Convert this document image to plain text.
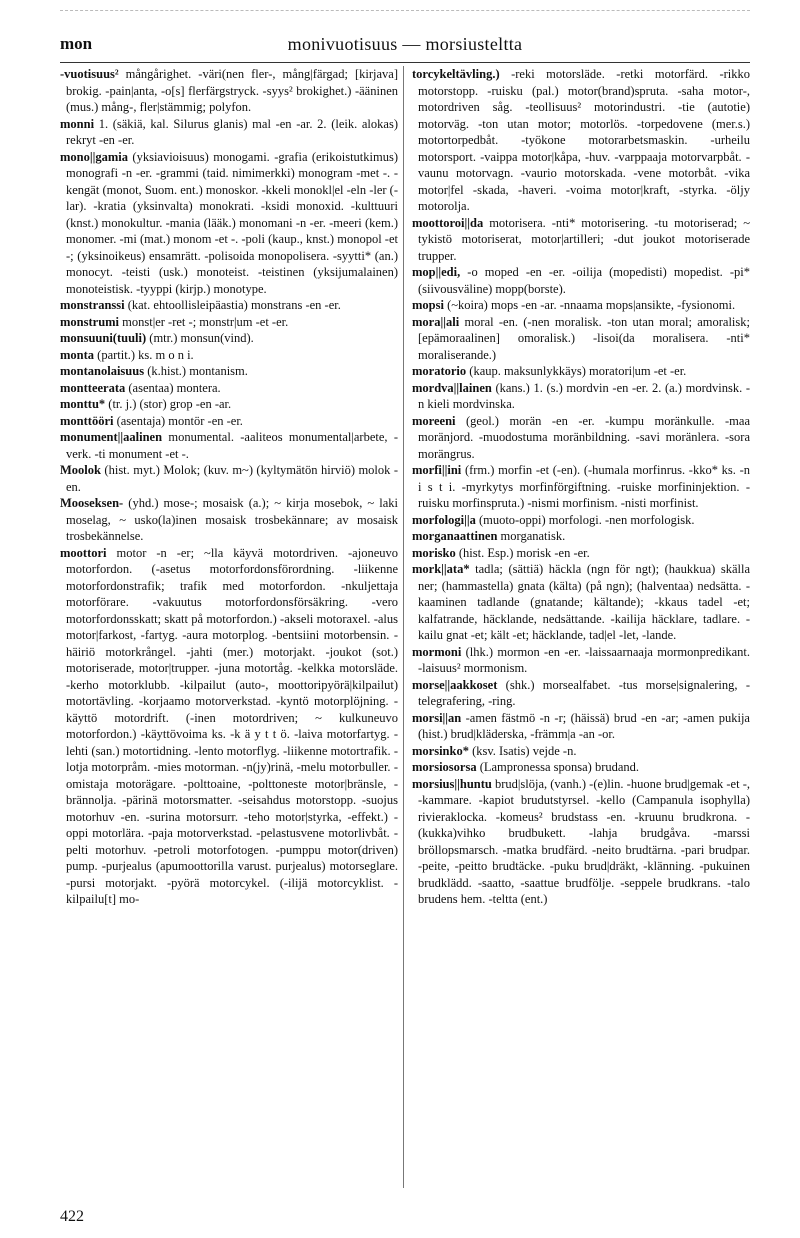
monivuotisuus — morsiusteltta
mon

-vuotisuus² mångårighet. -väri(nen fler-, mång|färgad; [kirjava] brokig. -pain|anta, -o[s] flerfärgstryck. -syys² brokighet.) -ääninen (mus.) mång-, fler|stämmig; polyfon.

monni 1. (säkiä, kal. Silurus glanis) mal -en -ar. 2. (leik. alokas) rekryt -en -er.

mono||gamia (yksiavioisuus) monogami. -grafia (erikoistutkimus) monografi -n -er. -grammi (taid. nimimerkki) monogram -met -. -kengät (monot, Suom. ent.) monoskor. -kkeli monokl|el -eln -ler (-lar). -kratia (yksinvalta) monokrati. -ksidi monoxid. -kulttuuri (knst.) monokultur. -mania (lääk.) monomani -n -er. -meeri (kem.) monomer. -mi (mat.) monom -et -. -poli (kaup., knst.) monopol -et -; (yksinoikeus) ensamrätt. -polisoida monopolisera. -syytti* (an.) monocyt. -teisti (usk.) monoteist. -teistinen (yksijumalainen) monoteistisk. -tyyppi (kirjp.) monotype.

monstranssi (kat. ehtoollisleipäastia) monstrans -en -er.

monstrumi monst|er -ret -; monstr|um -et -er.

monsuuni(tuuli) (mtr.) monsun(vind).

monta (partit.) ks. m o n i.

montanolaisuus (k.hist.) montanism.

montteerata (asentaa) montera.

monttu* (tr. j.) (stor) grop -en -ar.

monttööri (asentaja) montör -en -er.

monument||aalinen monumental. -aaliteos monumental|arbete, -verk. -ti monument -et -.

Moolok (hist. myt.) Molok; (kuv. m~) (kyltymätön hirviö) molok -en.

Mooseksen- (yhd.) mose-; mosaisk (a.); ~ kirja mosebok, ~ laki moselag, ~ usko(la)inen mosaisk trosbekännare; av mosaisk trosbekännelse.

moottori motor -n -er; ~lla käyvä motordriven. -ajoneuvo motorfordon. (-asetus motorfordonsförordning. -liikenne motorfordonstrafik; trafik med motorfordon. -nkuljettaja motorförare. -vakuutus motorfordonsförsäkring. -vero motorfordonsskatt; skatt på motorfordon.) -akseli motoraxel. -alus motor|farkost, -fartyg. -aura motorplog. -bentsiini motorbensin. -häiriö motorkrångel. -jahti (mer.) motorjakt. -joukot (sot.) motoriserade, motor|trupper. -juna motortåg. -kelkka motorsläde. -kerho motorklubb. -kilpailut (auto-, moottoripyörä|kilpailut) motortävling. -korjaamo motorverkstad. -kyntö motorplöjning. -käyttö motordrift. (-inen motordriven; ~ kulkuneuvo motorfordon.) -käyttövoima ks. -k ä y t t ö. -laiva motorfartyg. -lehti (san.) motortidning. -lento motorflyg. -liikenne motortrafik. -lotja motorpråm. -mies motorman. -n(jy)rinä, -melu motorbuller. -omistaja motorägare. -polttoaine, -polttoneste motor|bränsle, -brännolja. -pärinä motorsmatter. -seisahdus motorstopp. -suojus motorhuv -en. -surina motorsurr. -teho motor|styrka, -effekt.) -oppi motorlära. -paja motorverkstad. -pelastusvene motorlivbåt. -pelti motorhuv. -petroli motorfotogen. -pumppu motor(driven) pump. -purjealus (apumoottorilla varust. purjealus) motorseglare. -pursi motorjakt. -pyörä motorcykel. (-ilijä motorcyklist. -kilpailu[t] mo-

torcykeltävling.) -reki motorsläde. -retki motorfärd. -rikko motorstopp. -ruisku (pal.) motor(brand)spruta. -saha motor-, motordriven såg. -teollisuus² motorindustri. -tie (autotie) motorväg. -ton utan motor; motorlös. -torpedovene (mer.s.) motortorpedbåt. -työkone motorarbetsmaskin. -urheilu motorsport. -vaippa motor|kåpa, -huv. -varppaaja motorvarpbåt. -vaunu motorvagn. -vaurio motorskada. -vene motorbåt. -vika motor|fel -skada, -haveri. -voima motor|kraft, -styrka. -öljy motorolja.

moottoroi||da motorisera. -nti* motorisering. -tu motoriserad; ~ tykistö motoriserat, motor|artilleri; -dut joukot motoriserade trupper.

mop||edi, -o moped -en -er. -oilija (mopedisti) mopedist. -pi* (siivousväline) mopp(borste).

mopsi (~koira) mops -en -ar. -nnaama mops|ansikte, -fysionomi.

mora||ali moral -en. (-nen moralisk. -ton utan moral; amoralisk; [epämoraalinen] omoralisk.) -lisoi(da moralisera. -nti* moraliserande.)

moratorio (kaup. maksunlykkäys) moratori|um -et -er.

mordva||lainen (kans.) 1. (s.) mordvin -en -er. 2. (a.) mordvinsk. -n kieli mordvinska.

moreeni (geol.) morän -en -er. -kumpu moränkulle. -maa moränjord. -muodostuma moränbildning. -savi moränlera. -sora morängrus.

morfi||ini (frm.) morfin -et (-en). (-humala morfinrus. -kko* ks. -n i s t i. -myrkytys morfinförgiftning. -ruiske morfininjektion. -ruisku morfinspruta.) -nismi morfinism. -nisti morfinist.

morfologi||a (muoto-oppi) morfologi. -nen morfologisk.

morganaattinen morganatisk.

morisko (hist. Esp.) morisk -en -er.

mork||ata* tadla; (sättiä) häckla (ngn för ngt); (haukkua) skälla ner; (hammastella) gnata (kälta) (på ngn); (halventaa) nedsätta. -kaaminen tadlande (gnatande; kältande); -kkaus tadel -et; kalfatrande, häcklande, nedsättande. -kailija häcklare, tadlare. -kailu gnat -et; kält -et; häcklande, tad|el -let, -lande.

mormoni (lhk.) mormon -en -er. -laissaarnaaja mormonpredikant. -laisuus² mormonism.

morse||aakkoset (shk.) morsealfabet. -tus morse|signalering, -telegrafering, -ring.

morsi||an -amen fästmö -n -r; (häissä) brud -en -ar; -amen pukija (hist.) brud|kläderska, -främm|a -an -or.

morsinko* (ksv. Isatis) vejde -n.

morsiosorsa (Lampronessa sponsa) brudand.

morsius||huntu brud|slöja, (vanh.) -(e)lin. -huone brud|gemak -et -, -kammare. -kapiot brudutstyrsel. -kello (Campanula isophylla) rivieraklocka. -komeus² brudstass -en. -kruunu brudkrona. -(kukka)vihko brudbukett. -lahja brudgåva. -marssi bröllopsmarsch. -matka brudfärd. -neito brudtärna. -pari brudpar. -peite, -peitto brudtäcke. -puku brud|dräkt, -klänning. -pukuinen brudklädd. -saatto, -saattue brudfölje. -seppele brudkrans. -talo brudens hem. -teltta (ent.)

422
